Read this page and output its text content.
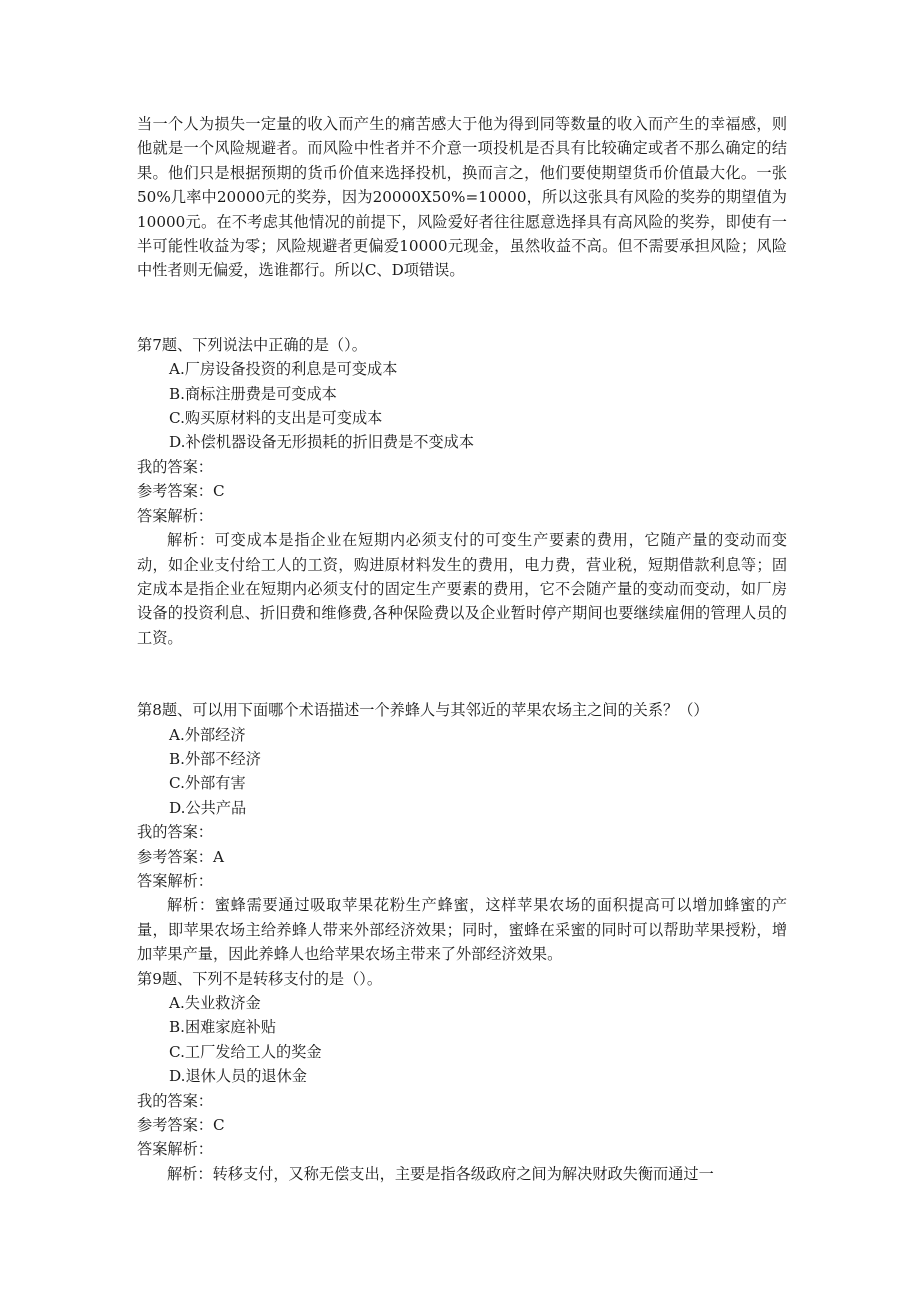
当一个人为损失一定量的收入而产生的痛苦感大于他为得到同等数量的收入而产生的幸福感，则他就是一个风险规避者。而风险中性者并不介意一项投机是否具有比较确定或者不那么确定的结果。他们只是根据预期的货币价值来选择投机，换而言之，他们要使期望货币价值最大化。一张50%几率中20000元的奖券，因为20000X50%=10000，所以这张具有风险的奖券的期望值为10000元。在不考虑其他情况的前提下，风险爱好者往往愿意选择具有高风险的奖券，即使有一半可能性收益为零；风险规避者更偏爱10000元现金，虽然收益不高。但不需要承担风险；风险中性者则无偏爱，选谁都行。所以C、D项错误。
第7题、下列说法中正确的是（）。
A.厂房设备投资的利息是可变成本
B.商标注册费是可变成本
C.购买原材料的支出是可变成本
D.补偿机器设备无形损耗的折旧费是不变成本
我的答案：
参考答案：C
答案解析：
解析：可变成本是指企业在短期内必须支付的可变生产要素的费用，它随产量的变动而变动，如企业支付给工人的工资，购进原材料发生的费用，电力费，营业税，短期借款利息等；固定成本是指企业在短期内必须支付的固定生产要素的费用，它不会随产量的变动而变动，如厂房设备的投资利息、折旧费和维修费,各种保险费以及企业暂时停产期间也要继续雇佣的管理人员的工资。
第8题、可以用下面哪个术语描述一个养蜂人与其邻近的苹果农场主之间的关系？（）
A.外部经济
B.外部不经济
C.外部有害
D.公共产品
我的答案：
参考答案：A
答案解析：
解析：蜜蜂需要通过吸取苹果花粉生产蜂蜜，这样苹果农场的面积提高可以增加蜂蜜的产量，即苹果农场主给养蜂人带来外部经济效果；同时，蜜蜂在采蜜的同时可以帮助苹果授粉，增加苹果产量，因此养蜂人也给苹果农场主带来了外部经济效果。
第9题、下列不是转移支付的是（）。
A.失业救济金
B.困难家庭补贴
C.工厂发给工人的奖金
D.退休人员的退休金
我的答案：
参考答案：C
答案解析：
解析：转移支付，又称无偿支出，主要是指各级政府之间为解决财政失衡而通过一
